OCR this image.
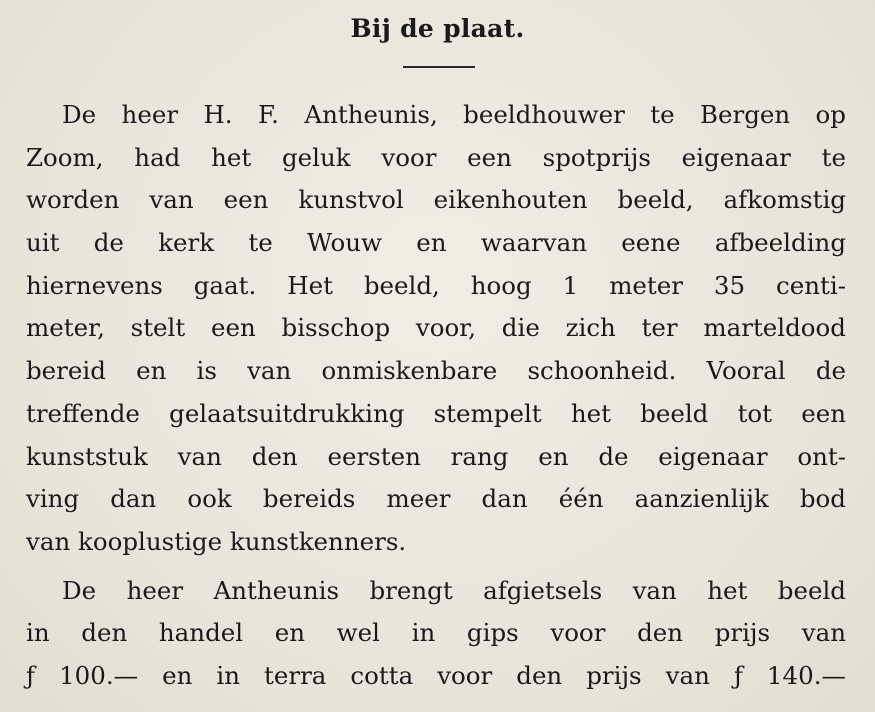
Bij de plaat.
De heer H. F. Antheunis, beeldhouwer te Bergen op
Zoom, had het geluk voor een spotprijs eigenaar te
worden van een kunstvol eikenhouten beeld, afkomstig
uit de kerk te Wouw en waarvan eene afbeelding
hiernevens gaat. Het beeld, hoog 1 meter 35 centi-
meter, stelt een bisschop voor, die zich ter marteldood
bereid en is van onmiskenbare schoonheid. Vooral de
treffende gelaatsuitdrukking stempelt het beeld tot een
kunststuk van den eersten rang en de eigenaar ont-
ving dan ook bereids meer dan één aanzienlijk bod
van kooplustige kunstkenners.
De heer Antheunis brengt afgietsels van het beeld
in den handel en wel in gips voor den prijs van
ƒ 100.— en in terra cotta voor den prijs van ƒ 140.—
